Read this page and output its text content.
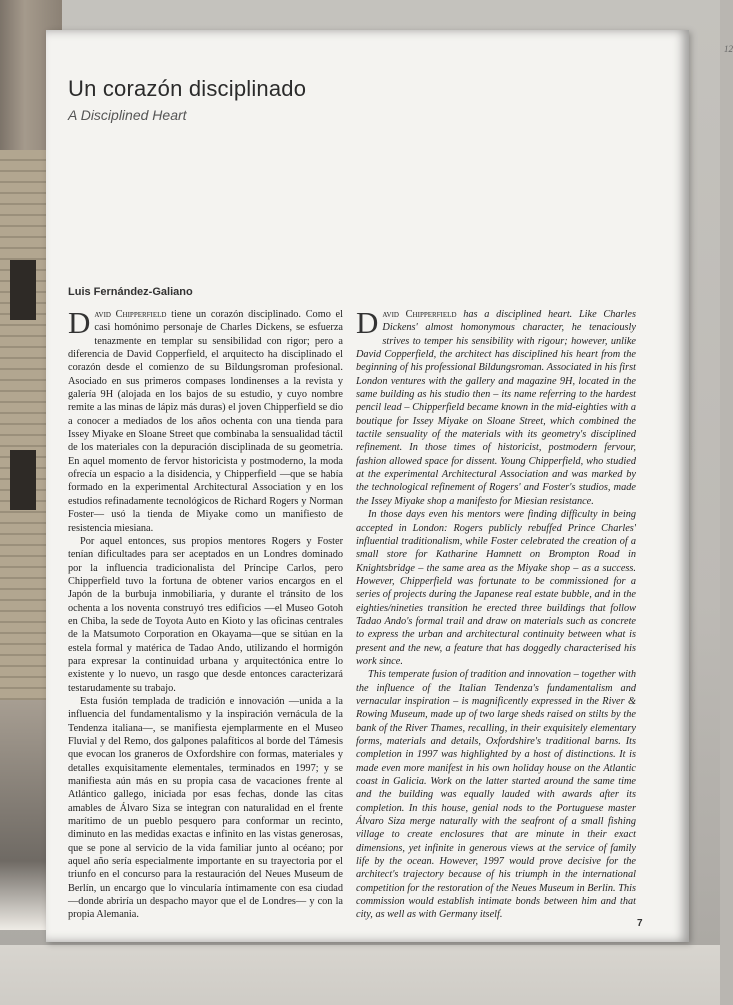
12
Un corazón disciplinado
A Disciplined Heart
Luis Fernández-Galiano

David Chipperfield tiene un corazón disciplinado. Como el casi homónimo personaje de Charles Dickens, se esfuerza tenazmente en templar su sensibilidad con rigor; pero a diferencia de David Copperfield, el arquitecto ha disciplinado el corazón desde el comienzo de su Bildungsroman profesional. Asociado en sus primeros compases londinenses a la revista y galería 9H (alojada en los bajos de su estudio, y cuyo nombre remite a las minas de lápiz más duras) el joven Chipperfield se dio a conocer a mediados de los años ochenta con una tienda para Issey Miyake en Sloane Street que combinaba la sensualidad táctil de los materiales con la depuración disciplinada de su geometría. En aquel momento de fervor historicista y postmoderno, la moda ofrecía un espacio a la disidencia, y Chipperfield —que se había formado en la experimental Architectural Association y en los estudios refinadamente tecnológicos de Richard Rogers y Norman Foster— usó la tienda de Miyake como un manifiesto de resistencia miesiana.

Por aquel entonces, sus propios mentores Rogers y Foster tenían dificultades para ser aceptados en un Londres dominado por la influencia tradicionalista del Príncipe Carlos, pero Chipperfield tuvo la fortuna de obtener varios encargos en el Japón de la burbuja inmobiliaria, y durante el tránsito de los ochenta a los noventa construyó tres edificios —el Museo Gotoh en Chiba, la sede de Toyota Auto en Kioto y las oficinas centrales de la Matsumoto Corporation en Okayama—que se sitúan en la estela formal y matérica de Tadao Ando, utilizando el hormigón para expresar la continuidad urbana y arquitectónica entre lo existente y lo nuevo, un rasgo que desde entonces caracterizará testarudamente su trabajo.

Esta fusión templada de tradición e innovación —unida a la influencia del fundamentalismo y la inspiración vernácula de la Tendenza italiana—, se manifiesta ejemplarmente en el Museo Fluvial y del Remo, dos galpones palafíticos al borde del Támesis que evocan los graneros de Oxfordshire con formas, materiales y detalles exquisitamente elementales, terminados en 1997; y se manifiesta aún más en su propia casa de vacaciones frente al Atlántico gallego, iniciada por esas fechas, donde las citas amables de Álvaro Siza se integran con naturalidad en el frente marítimo de un pueblo pesquero para conformar un recinto, diminuto en las medidas exactas e infinito en las vistas generosas, que se pone al servicio de la vida familiar junto al océano; por aquel año sería especialmente importante en su trayectoria por el triunfo en el concurso para la restauración del Neues Museum de Berlín, un encargo que lo vincularía íntimamente con esa ciudad —donde abriría un despacho mayor que el de Londres— y con la propia Alemania.

David Chipperfield has a disciplined heart. Like Charles Dickens' almost homonymous character, he tenaciously strives to temper his sensibility with rigour; however, unlike David Copperfield, the architect has disciplined his heart from the beginning of his professional Bildungsroman. Associated in his first London ventures with the gallery and magazine 9H, located in the same building as his studio then – its name referring to the hardest pencil lead – Chipperfield became known in the mid-eighties with a boutique for Issey Miyake on Sloane Street, which combined the tactile sensuality of the materials with its geometry's disciplined refinement. In those times of historicist, postmodern fervour, fashion allowed space for dissent. Young Chipperfield, who studied at the experimental Architectural Association and was marked by the technological refinement of Rogers' and Foster's studios, made the Issey Miyake shop a manifesto for Miesian resistance.

In those days even his mentors were finding difficulty in being accepted in London: Rogers publicly rebuffed Prince Charles' influential traditionalism, while Foster celebrated the creation of a small store for Katharine Hamnett on Brompton Road in Knightsbridge – the same area as the Miyake shop – as a success. However, Chipperfield was fortunate to be commissioned for a series of projects during the Japanese real estate bubble, and in the eighties/nineties transition he erected three buildings that follow Tadao Ando's formal trail and draw on materials such as concrete to express the urban and architectural continuity between what is present and the new, a feature that has doggedly characterised his work since.

This temperate fusion of tradition and innovation – together with the influence of the Italian Tendenza's fundamentalism and vernacular inspiration – is magnificently expressed in the River & Rowing Museum, made up of two large sheds raised on stilts by the bank of the River Thames, recalling, in their exquisitely elementary forms, materials and details, Oxfordshire's traditional barns. Its completion in 1997 was highlighted by a host of distinctions. It is made even more manifest in his own holiday house on the Atlantic coast in Galicia. Work on the latter started around the same time and the building was equally lauded with awards after its completion. In this house, genial nods to the Portuguese master Álvaro Siza merge naturally with the seafront of a small fishing village to create enclosures that are minute in their exact dimensions, yet infinite in generous views at the service of family life by the ocean. However, 1997 would prove decisive for the architect's trajectory because of his triumph in the international competition for the restoration of the Neues Museum in Berlin. This commission would establish intimate bonds between him and that city, as well as with Germany itself.

7
